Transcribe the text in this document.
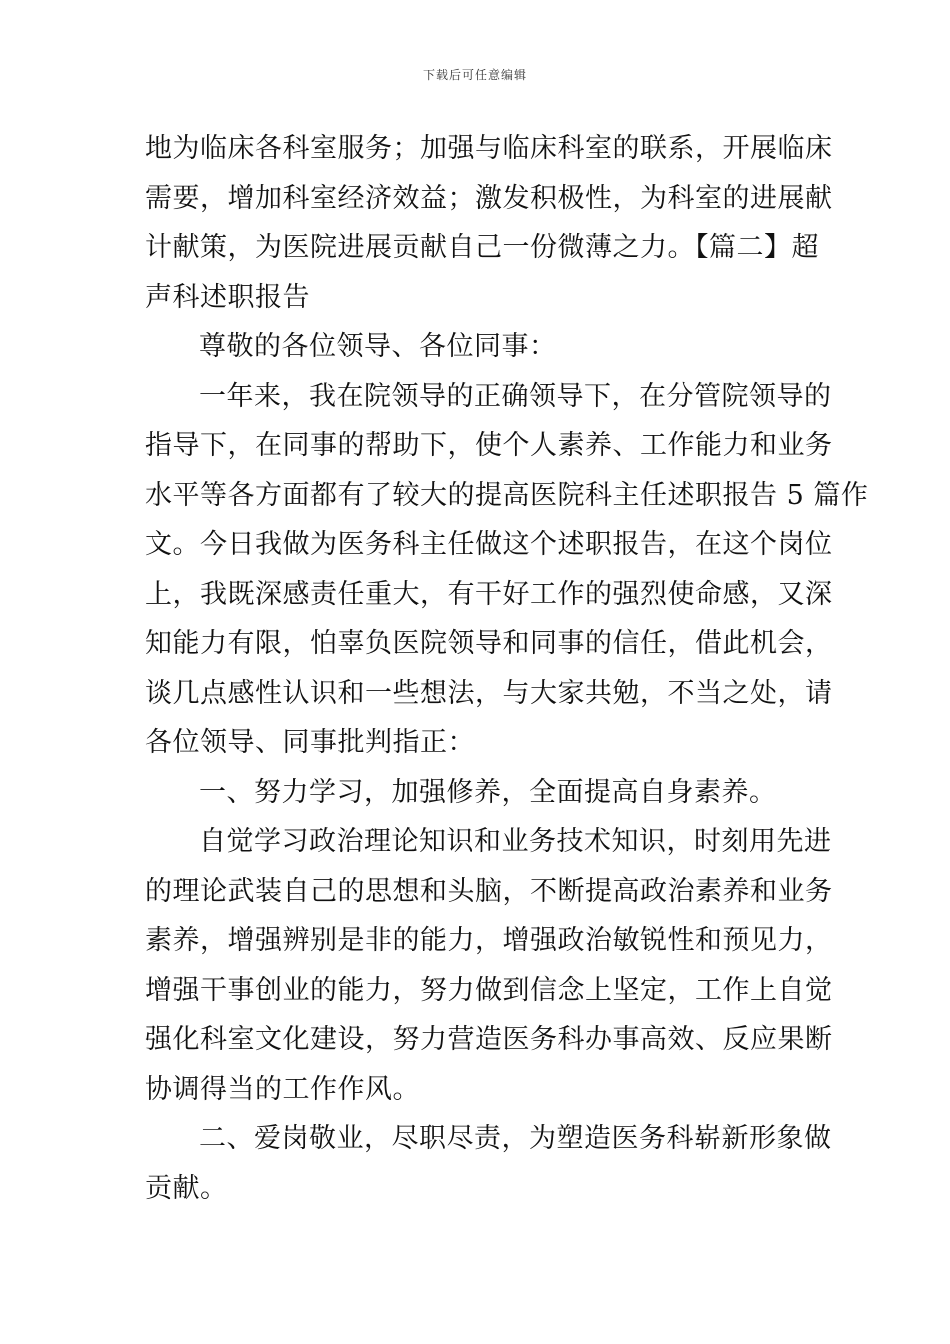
下载后可任意编辑
地为临床各科室服务；加强与临床科室的联系，开展临床
需要，增加科室经济效益；激发积极性，为科室的进展献
计献策，为医院进展贡献自己一份微薄之力。【篇二】超
声科述职报告
尊敬的各位领导、各位同事：
一年来，我在院领导的正确领导下，在分管院领导的
指导下，在同事的帮助下，使个人素养、工作能力和业务
水平等各方面都有了较大的提高医院科主任述职报告 5 篇作
文。今日我做为医务科主任做这个述职报告，在这个岗位
上，我既深感责任重大，有干好工作的强烈使命感，又深
知能力有限，怕辜负医院领导和同事的信任，借此机会，
谈几点感性认识和一些想法，与大家共勉，不当之处，请
各位领导、同事批判指正：
一、努力学习，加强修养，全面提高自身素养。
自觉学习政治理论知识和业务技术知识，时刻用先进
的理论武装自己的思想和头脑，不断提高政治素养和业务
素养，增强辨别是非的能力，增强政治敏锐性和预见力，
增强干事创业的能力，努力做到信念上坚定，工作上自觉
强化科室文化建设，努力营造医务科办事高效、反应果断
协调得当的工作作风。
二、爱岗敬业，尽职尽责，为塑造医务科崭新形象做
贡献。
